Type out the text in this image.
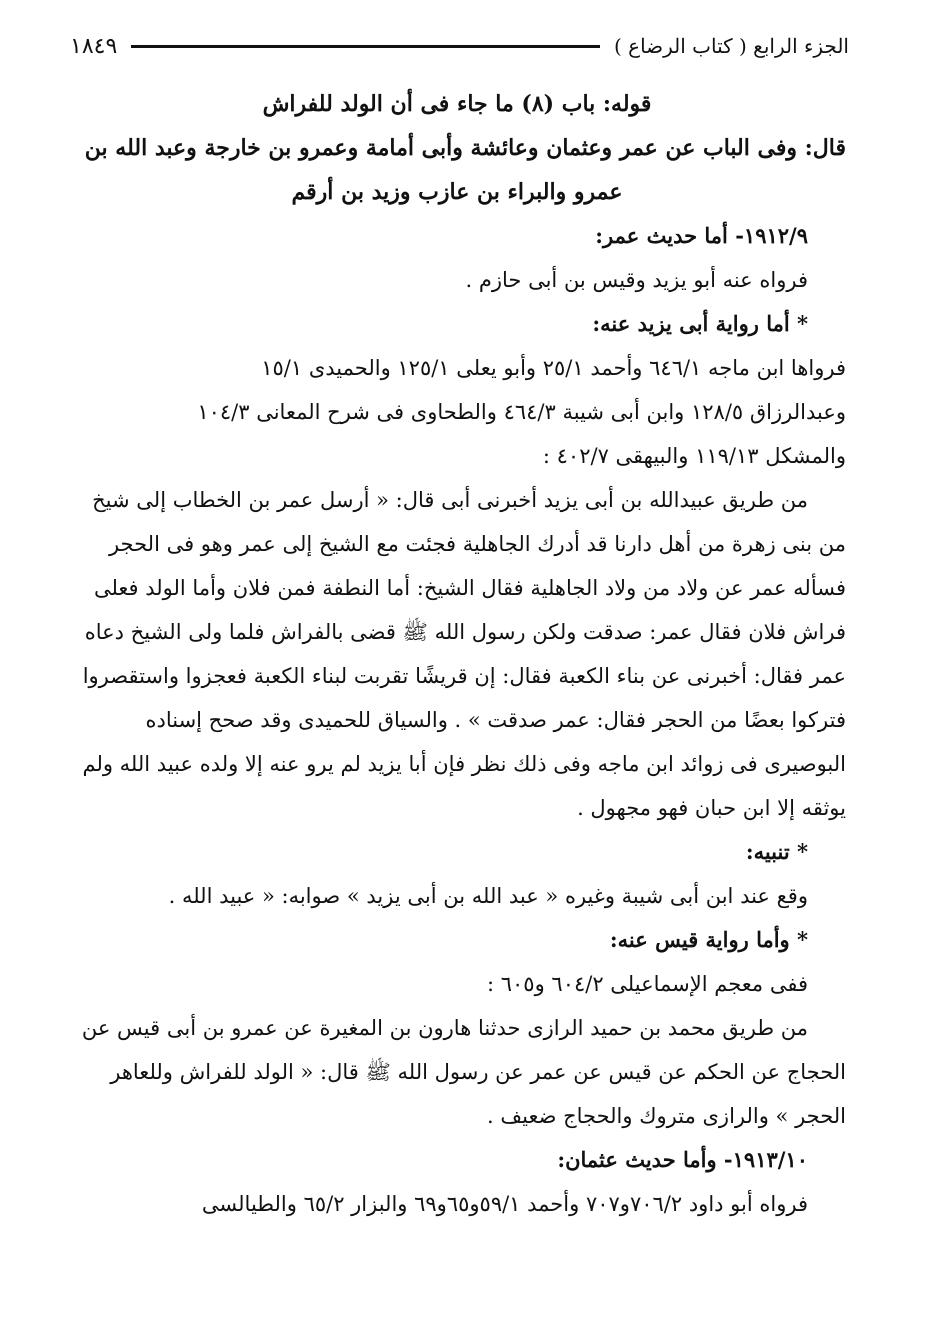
الجزء الرابع ( كتاب الرضاع )
١٨٤٩
قوله: باب (٨) ما جاء فى أن الولد للفراش
قال: وفى الباب عن عمر وعثمان وعائشة وأبى أمامة وعمرو بن خارجة وعبد الله بن
عمرو والبراء بن عازب وزيد بن أرقم
١٩١٢/٩- أما حديث عمر:
فرواه عنه أبو يزيد وقيس بن أبى حازم .
* أما رواية أبى يزيد عنه:
فرواها ابن ماجه ٦٤٦/١ وأحمد ٢٥/١ وأبو يعلى ١٢٥/١ والحميدى ١٥/١
وعبدالرزاق ١٢٨/٥ وابن أبى شيبة ٤٦٤/٣ والطحاوى فى شرح المعانى ١٠٤/٣
والمشكل ١١٩/١٣ والبيهقى ٤٠٢/٧ :
من طريق عبيدالله بن أبى يزيد أخبرنى أبى قال: « أرسل عمر بن الخطاب إلى شيخ
من بنى زهرة من أهل دارنا قد أدرك الجاهلية فجئت مع الشيخ إلى عمر وهو فى الحجر
فسأله عمر عن ولاد من ولاد الجاهلية فقال الشيخ: أما النطفة فمن فلان وأما الولد فعلى
فراش فلان فقال عمر: صدقت ولكن رسول الله ﷺ قضى بالفراش فلما ولى الشيخ دعاه
عمر فقال: أخبرنى عن بناء الكعبة فقال: إن قريشًا تقربت لبناء الكعبة فعجزوا واستقصروا
فتركوا بعضًا من الحجر فقال: عمر صدقت » . والسياق للحميدى وقد صحح إسناده
البوصيرى فى زوائد ابن ماجه وفى ذلك نظر فإن أبا يزيد لم يرو عنه إلا ولده عبيد الله ولم
يوثقه إلا ابن حبان فهو مجهول .
* تنبيه:
وقع عند ابن أبى شيبة وغيره « عبد الله بن أبى يزيد » صوابه: « عبيد الله .
* وأما رواية قيس عنه:
ففى معجم الإسماعيلى ٦٠٤/٢ و٦٠٥ :
من طريق محمد بن حميد الرازى حدثنا هارون بن المغيرة عن عمرو بن أبى قيس عن
الحجاج عن الحكم عن قيس عن عمر عن رسول الله ﷺ قال: « الولد للفراش وللعاهر
الحجر » والرازى متروك والحجاج ضعيف .
١٩١٣/١٠- وأما حديث عثمان:
فرواه أبو داود ٧٠٦/٢و٧٠٧ وأحمد ٥٩/١و٦٥و٦٩ والبزار ٦٥/٢ والطيالسى
